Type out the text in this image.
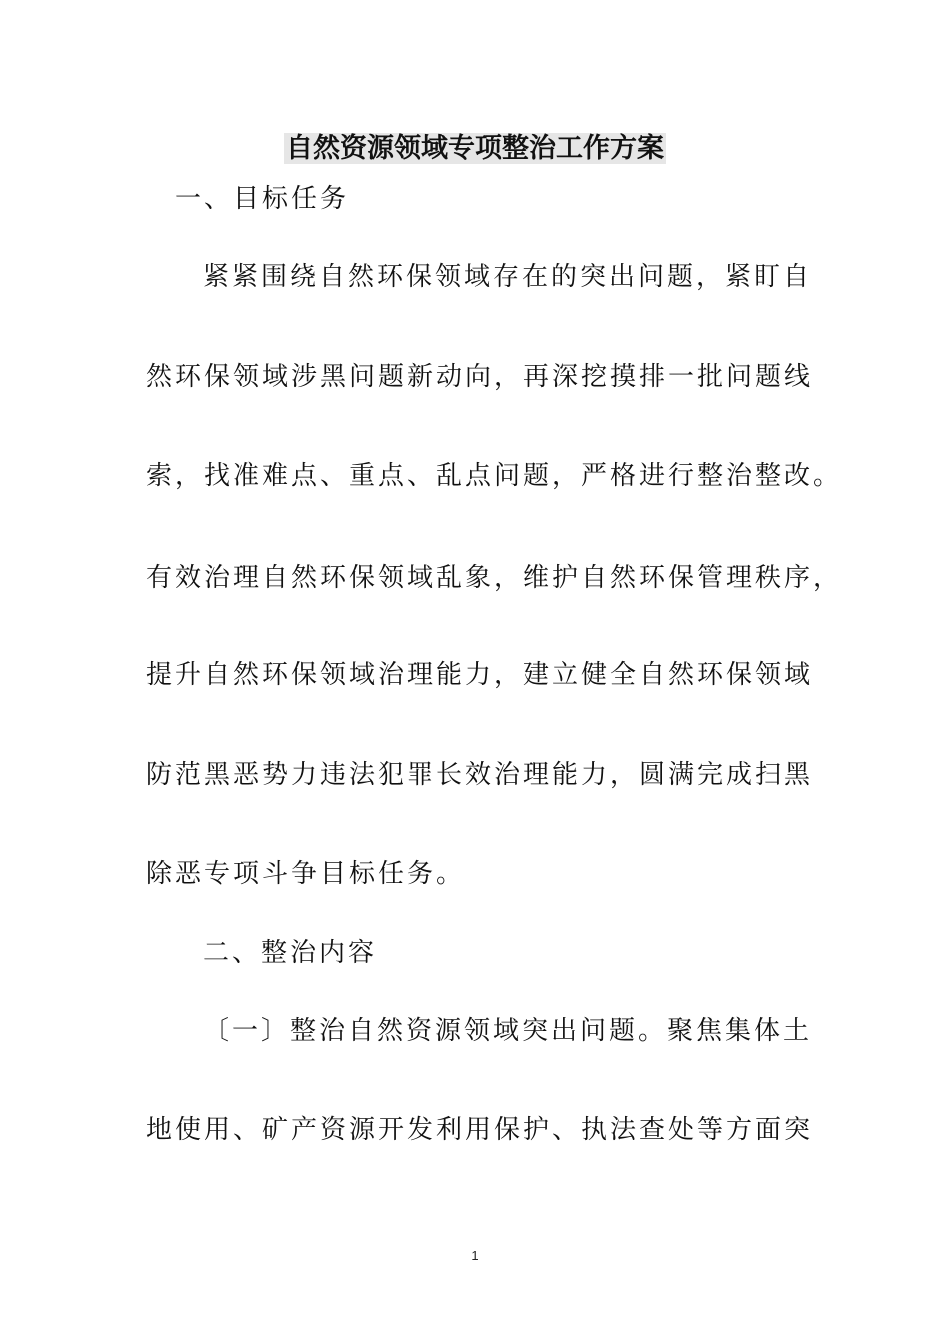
自然资源领域专项整治工作方案
一、目标任务
紧紧围绕自然环保领域存在的突出问题，紧盯自
然环保领域涉黑问题新动向，再深挖摸排一批问题线
索，找准难点、重点、乱点问题，严格进行整治整改。
有效治理自然环保领域乱象，维护自然环保管理秩序，
提升自然环保领域治理能力，建立健全自然环保领域
防范黑恶势力违法犯罪长效治理能力，圆满完成扫黑
除恶专项斗争目标任务。
二、整治内容
〔一〕整治自然资源领域突出问题。聚焦集体土
地使用、矿产资源开发利用保护、执法查处等方面突
1
